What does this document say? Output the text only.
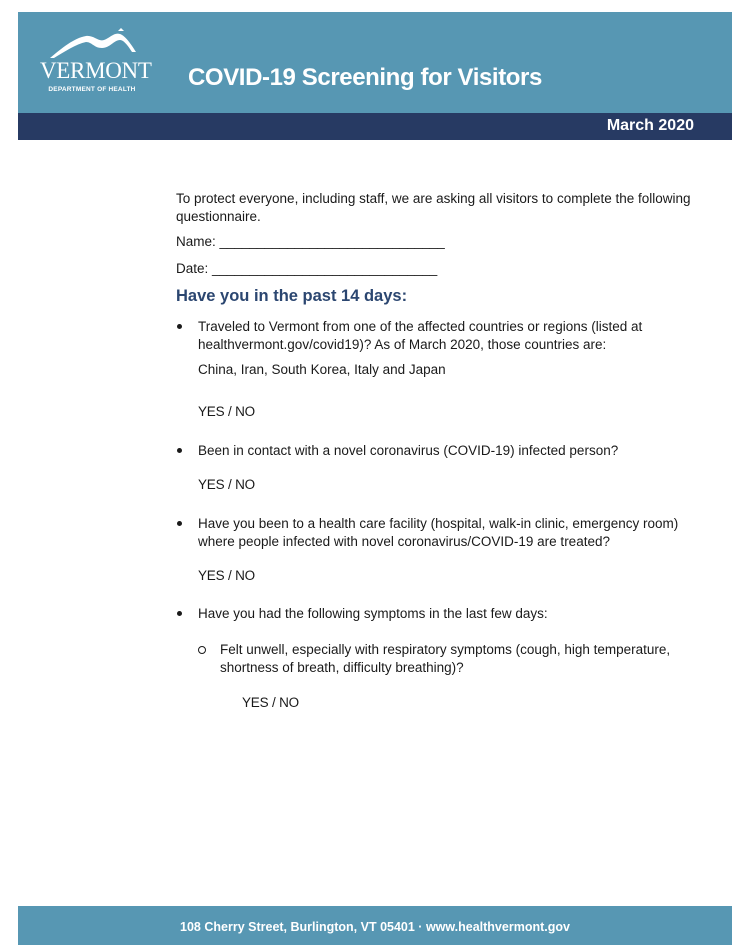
VERMONT
DEPARTMENT OF HEALTH	COVID-19 Screening for Visitors
March 2020

To protect everyone, including staff, we are asking all visitors to complete the following questionnaire.

Name: ______________________________
Date: ______________________________
Have you in the past 14 days:
Traveled to Vermont from one of the affected countries or regions (listed at healthvermont.gov/covid19)? As of March 2020, those countries are:
China, Iran, South Korea, Italy and Japan
YES / NO
Been in contact with a novel coronavirus (COVID-19) infected person?
YES / NO
Have you been to a health care facility (hospital, walk-in clinic, emergency room) where people infected with novel coronavirus/COVID-19 are treated?
YES / NO
Have you had the following symptoms in the last few days:
Felt unwell, especially with respiratory symptoms (cough, high temperature, shortness of breath, difficulty breathing)?
YES / NO
108 Cherry Street, Burlington, VT 05401 · www.healthvermont.gov
